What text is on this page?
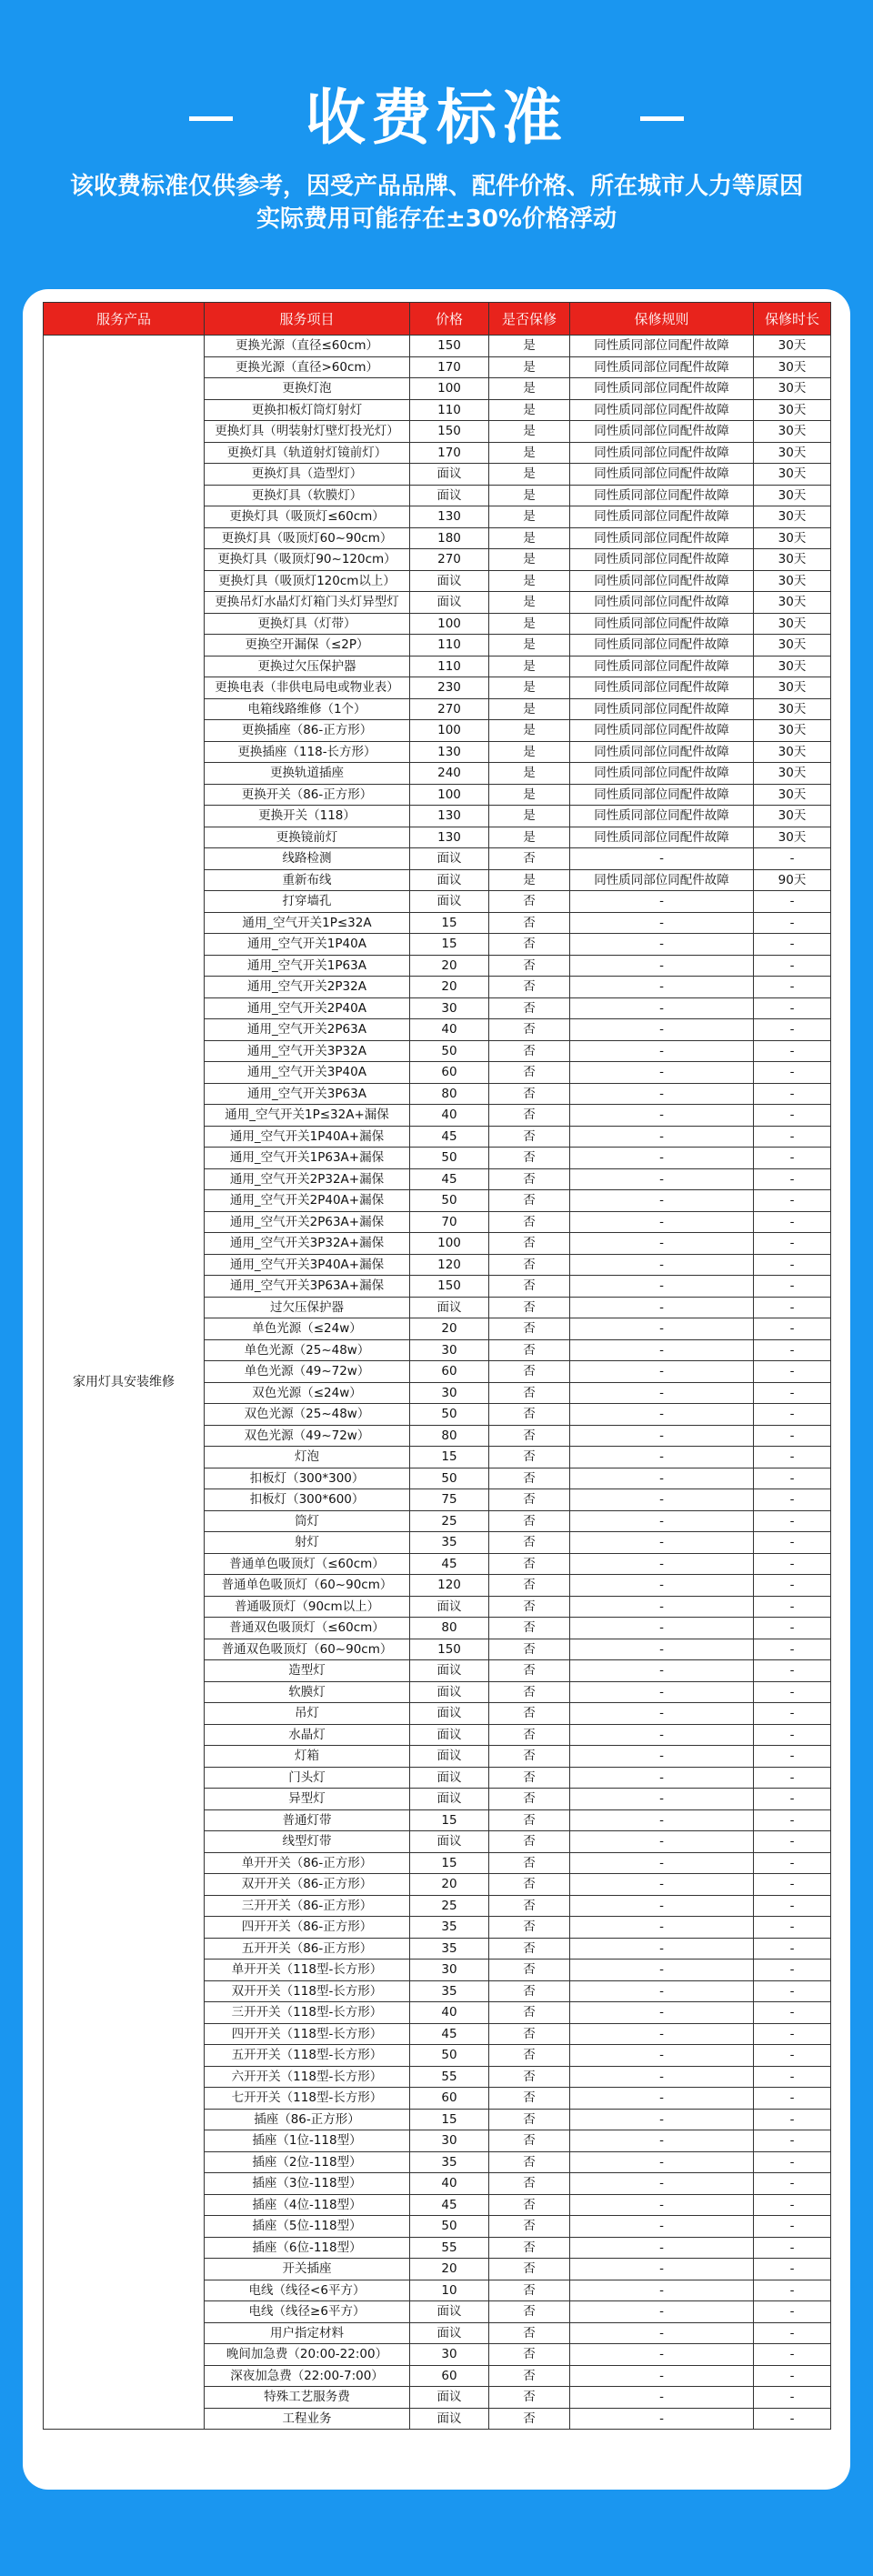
收费标准
该收费标准仅供参考，因受产品品牌、配件价格、所在城市人力等原因
实际费用可能存在±30%价格浮动
服务产品	服务项目	价格	是否保修	保修规则	保修时长
家用灯具安装维修	更换光源（直径≤60cm）	150	是	同性质同部位同配件故障	30天
	更换光源（直径>60cm）	170	是	同性质同部位同配件故障	30天
	更换灯泡	100	是	同性质同部位同配件故障	30天
	更换扣板灯筒灯射灯	110	是	同性质同部位同配件故障	30天
	更换灯具（明装射灯壁灯投光灯）	150	是	同性质同部位同配件故障	30天
	更换灯具（轨道射灯镜前灯）	170	是	同性质同部位同配件故障	30天
	更换灯具（造型灯）	面议	是	同性质同部位同配件故障	30天
	更换灯具（软膜灯）	面议	是	同性质同部位同配件故障	30天
	更换灯具（吸顶灯≤60cm）	130	是	同性质同部位同配件故障	30天
	更换灯具（吸顶灯60~90cm）	180	是	同性质同部位同配件故障	30天
	更换灯具（吸顶灯90~120cm）	270	是	同性质同部位同配件故障	30天
	更换灯具（吸顶灯120cm以上）	面议	是	同性质同部位同配件故障	30天
	更换吊灯水晶灯灯箱门头灯异型灯	面议	是	同性质同部位同配件故障	30天
	更换灯具（灯带）	100	是	同性质同部位同配件故障	30天
	更换空开漏保（≤2P）	110	是	同性质同部位同配件故障	30天
	更换过欠压保护器	110	是	同性质同部位同配件故障	30天
	更换电表（非供电局电或物业表）	230	是	同性质同部位同配件故障	30天
	电箱线路维修（1个）	270	是	同性质同部位同配件故障	30天
	更换插座（86-正方形）	100	是	同性质同部位同配件故障	30天
	更换插座（118-长方形）	130	是	同性质同部位同配件故障	30天
	更换轨道插座	240	是	同性质同部位同配件故障	30天
	更换开关（86-正方形）	100	是	同性质同部位同配件故障	30天
	更换开关（118）	130	是	同性质同部位同配件故障	30天
	更换镜前灯	130	是	同性质同部位同配件故障	30天
	线路检测	面议	否	-	-
	重新布线	面议	是	同性质同部位同配件故障	90天
	打穿墙孔	面议	否	-	-
	通用_空气开关1P≤32A	15	否	-	-
	通用_空气开关1P40A	15	否	-	-
	通用_空气开关1P63A	20	否	-	-
	通用_空气开关2P32A	20	否	-	-
	通用_空气开关2P40A	30	否	-	-
	通用_空气开关2P63A	40	否	-	-
	通用_空气开关3P32A	50	否	-	-
	通用_空气开关3P40A	60	否	-	-
	通用_空气开关3P63A	80	否	-	-
	通用_空气开关1P≤32A+漏保	40	否	-	-
	通用_空气开关1P40A+漏保	45	否	-	-
	通用_空气开关1P63A+漏保	50	否	-	-
	通用_空气开关2P32A+漏保	45	否	-	-
	通用_空气开关2P40A+漏保	50	否	-	-
	通用_空气开关2P63A+漏保	70	否	-	-
	通用_空气开关3P32A+漏保	100	否	-	-
	通用_空气开关3P40A+漏保	120	否	-	-
	通用_空气开关3P63A+漏保	150	否	-	-
	过欠压保护器	面议	否	-	-
	单色光源（≤24w）	20	否	-	-
	单色光源（25~48w）	30	否	-	-
	单色光源（49~72w）	60	否	-	-
	双色光源（≤24w）	30	否	-	-
	双色光源（25~48w）	50	否	-	-
	双色光源（49~72w）	80	否	-	-
	灯泡	15	否	-	-
	扣板灯（300*300）	50	否	-	-
	扣板灯（300*600）	75	否	-	-
	筒灯	25	否	-	-
	射灯	35	否	-	-
	普通单色吸顶灯（≤60cm）	45	否	-	-
	普通单色吸顶灯（60~90cm）	120	否	-	-
	普通吸顶灯（90cm以上）	面议	否	-	-
	普通双色吸顶灯（≤60cm）	80	否	-	-
	普通双色吸顶灯（60~90cm）	150	否	-	-
	造型灯	面议	否	-	-
	软膜灯	面议	否	-	-
	吊灯	面议	否	-	-
	水晶灯	面议	否	-	-
	灯箱	面议	否	-	-
	门头灯	面议	否	-	-
	异型灯	面议	否	-	-
	普通灯带	15	否	-	-
	线型灯带	面议	否	-	-
	单开开关（86-正方形）	15	否	-	-
	双开开关（86-正方形）	20	否	-	-
	三开开关（86-正方形）	25	否	-	-
	四开开关（86-正方形）	35	否	-	-
	五开开关（86-正方形）	35	否	-	-
	单开开关（118型-长方形）	30	否	-	-
	双开开关（118型-长方形）	35	否	-	-
	三开开关（118型-长方形）	40	否	-	-
	四开开关（118型-长方形）	45	否	-	-
	五开开关（118型-长方形）	50	否	-	-
	六开开关（118型-长方形）	55	否	-	-
	七开开关（118型-长方形）	60	否	-	-
	插座（86-正方形）	15	否	-	-
	插座（1位-118型）	30	否	-	-
	插座（2位-118型）	35	否	-	-
	插座（3位-118型）	40	否	-	-
	插座（4位-118型）	45	否	-	-
	插座（5位-118型）	50	否	-	-
	插座（6位-118型）	55	否	-	-
	开关插座	20	否	-	-
	电线（线径<6平方）	10	否	-	-
	电线（线径≥6平方）	面议	否	-	-
	用户指定材料	面议	否	-	-
	晚间加急费（20:00-22:00）	30	否	-	-
	深夜加急费（22:00-7:00）	60	否	-	-
	特殊工艺服务费	面议	否	-	-
	工程业务	面议	否	-	-
